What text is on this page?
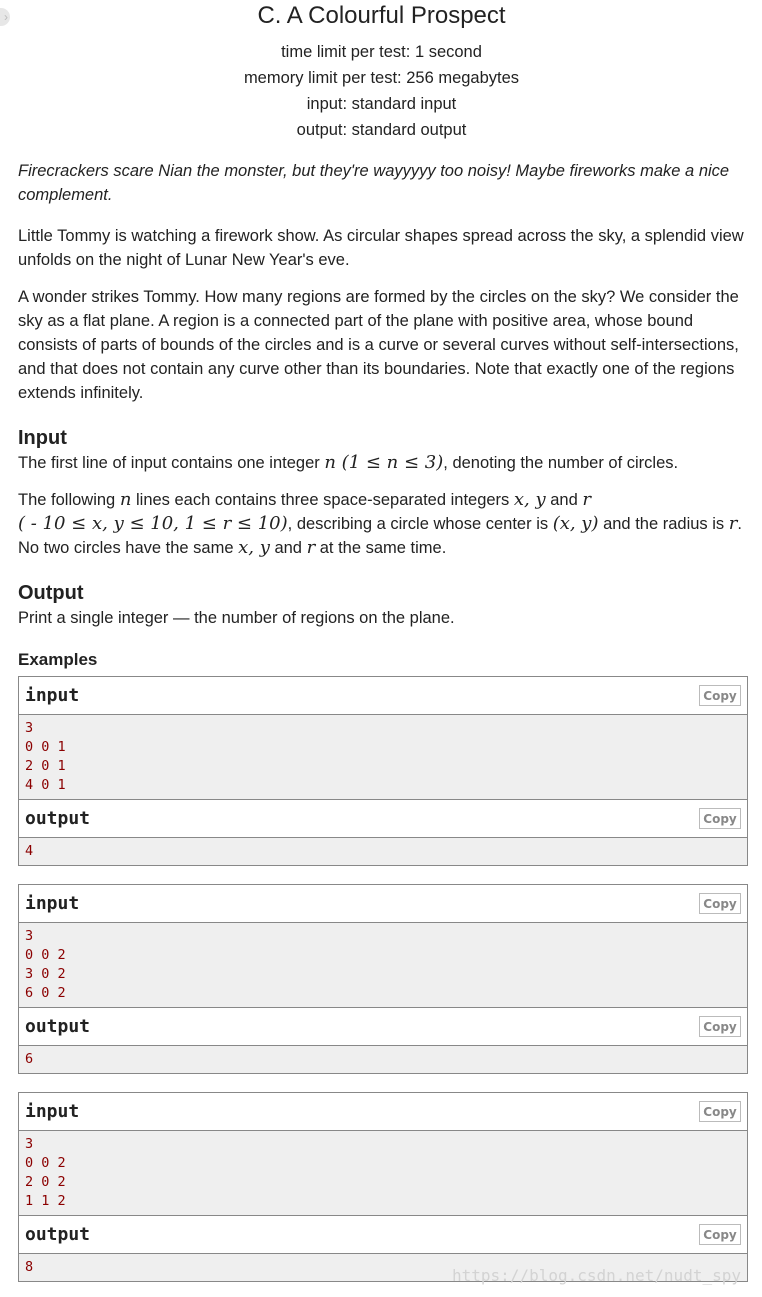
›	C. A Colourful Prospect
time limit per test: 1 second
memory limit per test: 256 megabytes
input: standard input
output: standard output

Firecrackers scare Nian the monster, but they're wayyyyy too noisy! Maybe fireworks make a nice complement.

Little Tommy is watching a firework show. As circular shapes spread across the sky, a splendid view unfolds on the night of Lunar New Year's eve.

A wonder strikes Tommy. How many regions are formed by the circles on the sky? We consider the sky as a flat plane. A region is a connected part of the plane with positive area, whose bound consists of parts of bounds of the circles and is a curve or several curves without self-intersections, and that does not contain any curve other than its boundaries. Note that exactly one of the regions extends infinitely.

Input

The first line of input contains one integer n (1 ≤ n ≤ 3), denoting the number of circles.

The following n lines each contains three space-separated integers x, y and r
( - 10 ≤ x, y ≤ 10, 1 ≤ r ≤ 10), describing a circle whose center is (x, y) and the radius is r.

No two circles have the same x, y and r at the same time.

Output

Print a single integer — the number of regions on the plane.

Examples
input	Copy
3
0 0 1
2 0 1
4 0 1
output	Copy
4
input	Copy
3
0 0 2
3 0 2
6 0 2
output	Copy
6
input	Copy
3
0 0 2
2 0 2
1 1 2
output	Copy
8	https://blog.csdn.net/nudt_spy
